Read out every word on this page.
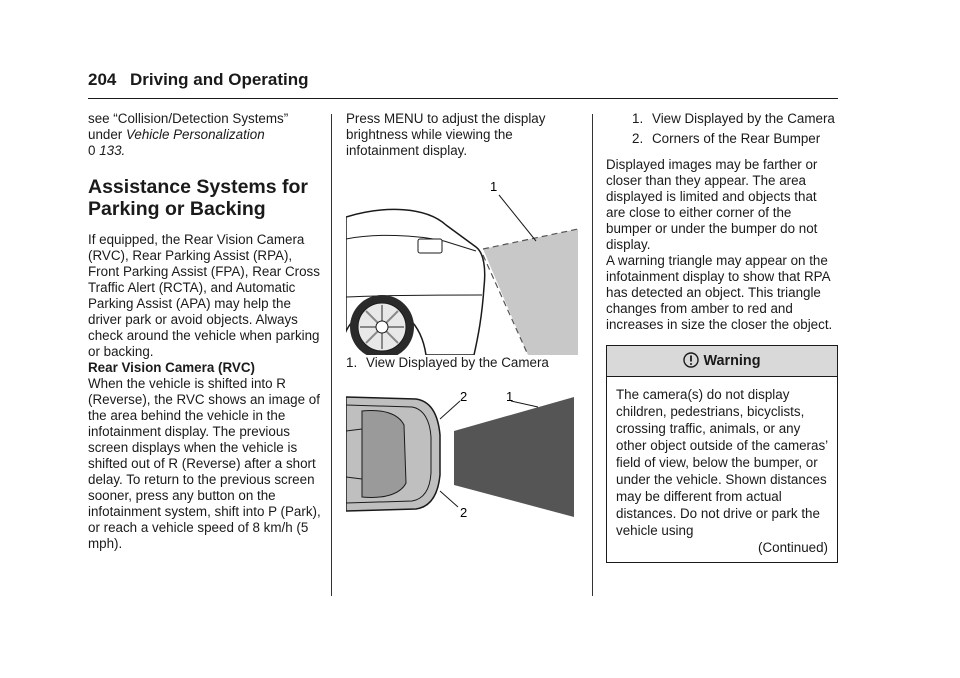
204 Driving and Operating

see “Collision/Detection Systems”

under Vehicle Personalization

0 133.

Assistance Systems for Parking or Backing

If equipped, the Rear Vision Camera (RVC), Rear Parking Assist (RPA), Front Parking Assist (FPA), Rear Cross Traffic Alert (RCTA), and Automatic Parking Assist (APA) may help the driver park or avoid objects. Always check around the vehicle when parking or backing.

Rear Vision Camera (RVC)

When the vehicle is shifted into R (Reverse), the RVC shows an image of the area behind the vehicle in the infotainment display. The previous screen displays when the vehicle is shifted out of R (Reverse) after a short delay. To return to the previous screen sooner, press any button on the infotainment system, shift into P (Park), or reach a vehicle speed of 8 km/h (5 mph).

Press MENU to adjust the display brightness while viewing the infotainment display.

1

1. View Displayed by the Camera

2	1
2
1. View Displayed by the Camera
2. Corners of the Rear Bumper

Displayed images may be farther or closer than they appear. The area displayed is limited and objects that are close to either corner of the bumper or under the bumper do not display.

A warning triangle may appear on the infotainment display to show that RPA has detected an object. This triangle changes from amber to red and increases in size the closer the object.

Warning

The camera(s) do not display children, pedestrians, bicyclists, crossing traffic, animals, or any other object outside of the cameras’ field of view, below the bumper, or under the vehicle. Shown distances may be different from actual distances. Do not drive or park the vehicle using

(Continued)
